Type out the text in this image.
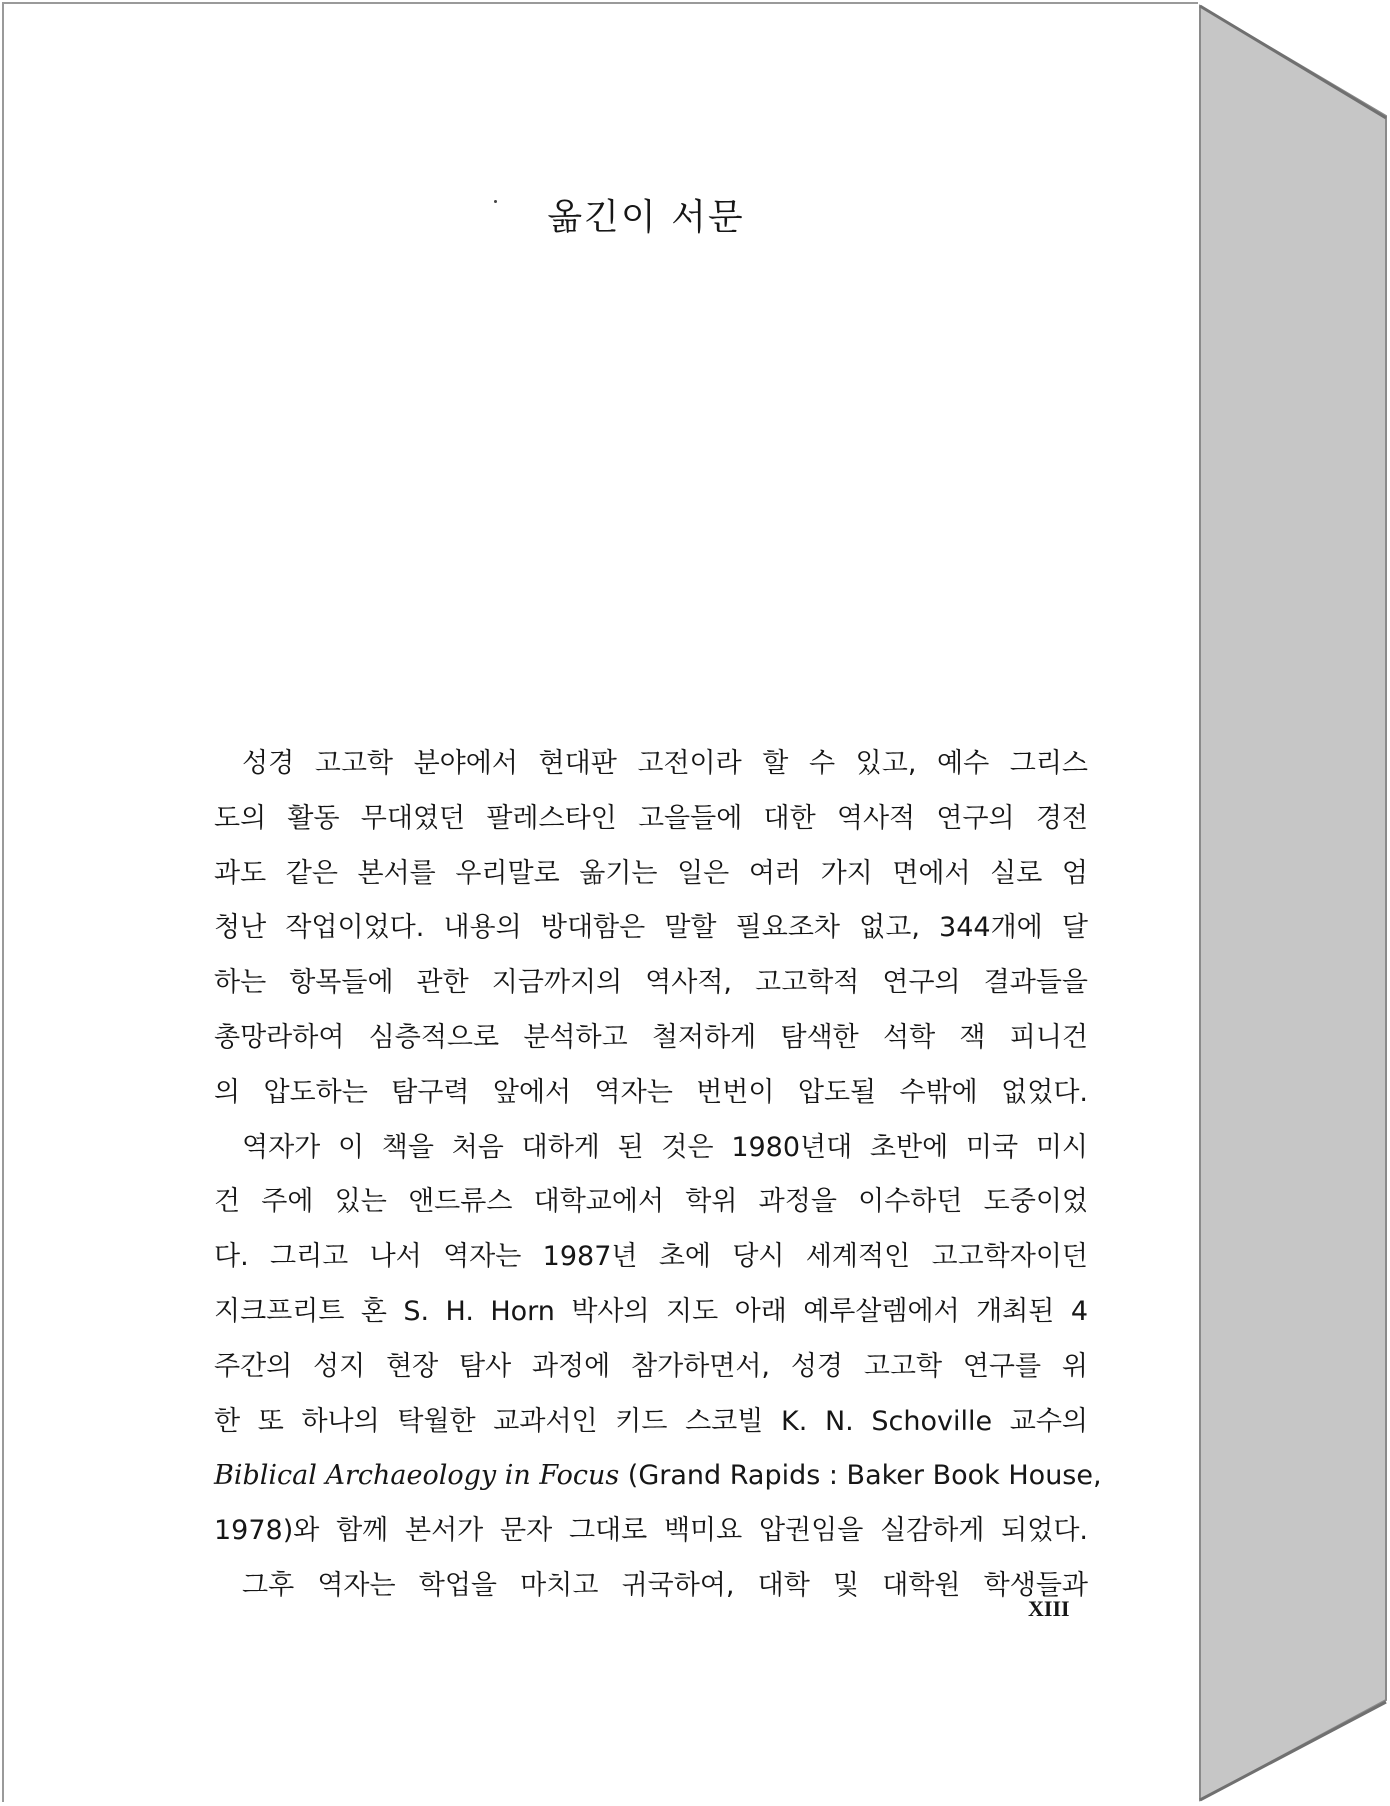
옮긴이 서문
성경 고고학 분야에서 현대판 고전이라 할 수 있고, 예수 그리스
도의 활동 무대였던 팔레스타인 고을들에 대한 역사적 연구의 경전
과도 같은 본서를 우리말로 옮기는 일은 여러 가지 면에서 실로 엄
청난 작업이었다. 내용의 방대함은 말할 필요조차 없고, 344개에 달
하는 항목들에 관한 지금까지의 역사적, 고고학적 연구의 결과들을
총망라하여 심층적으로 분석하고 철저하게 탐색한 석학 잭 피니건
의 압도하는 탐구력 앞에서 역자는 번번이 압도될 수밖에 없었다.
역자가 이 책을 처음 대하게 된 것은 1980년대 초반에 미국 미시
건 주에 있는 앤드류스 대학교에서 학위 과정을 이수하던 도중이었
다. 그리고 나서 역자는 1987년 초에 당시 세계적인 고고학자이던
지크프리트 혼 S. H. Horn 박사의 지도 아래 예루살렘에서 개최된 4
주간의 성지 현장 탐사 과정에 참가하면서, 성경 고고학 연구를 위
한 또 하나의 탁월한 교과서인 키드 스코빌 K. N. Schoville 교수의
Biblical Archaeology in Focus (Grand Rapids : Baker Book House,
1978)와 함께 본서가 문자 그대로 백미요 압권임을 실감하게 되었다.
그후 역자는 학업을 마치고 귀국하여, 대학 및 대학원 학생들과
XIII
